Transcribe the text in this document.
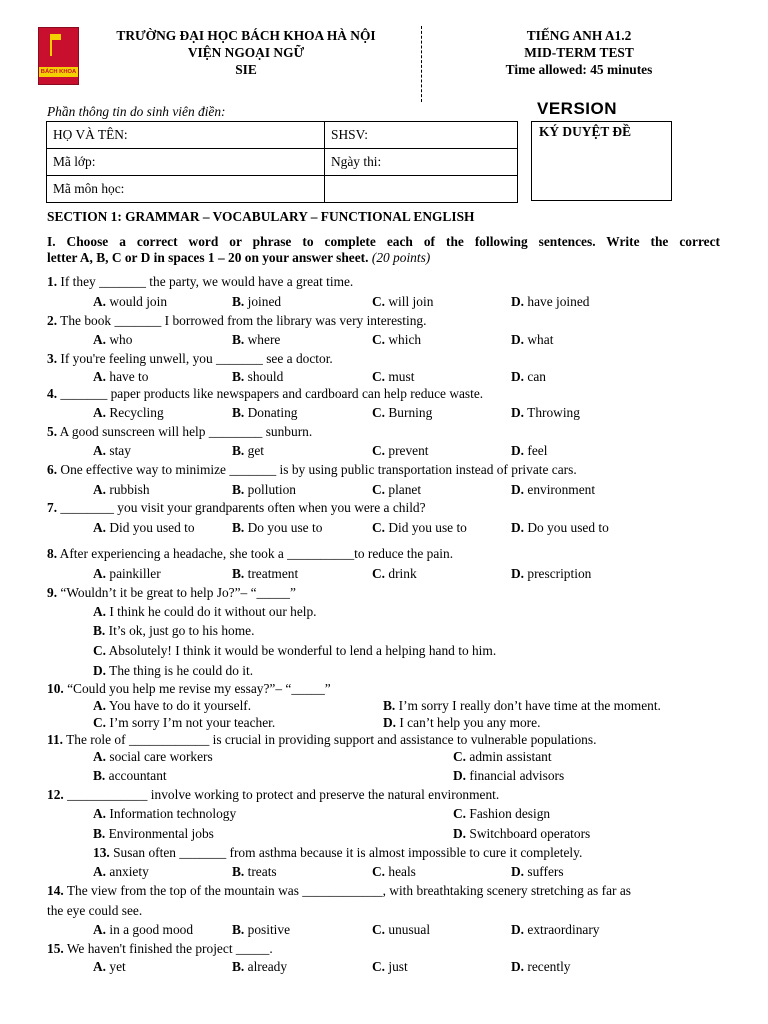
BÁCH KHOA
TRƯỜNG ĐẠI HỌC BÁCH KHOA HÀ NỘI
VIỆN NGOẠI NGỮ
SIE
TIẾNG ANH A1.2
MID-TERM TEST
Time allowed: 45 minutes
Phần thông tin do sinh viên điền:	VERSION
HỌ VÀ TÊN:	SHSV:
Mã lớp:	Ngày thi:
Mã môn học:	
KÝ DUYỆT ĐỀ
SECTION 1: GRAMMAR – VOCABULARY – FUNCTIONAL ENGLISH
I. Choose a correct word or phrase to complete each of the following sentences. Write the correct
letter A, B, C or D in spaces 1 – 20 on your answer sheet. (20 points)
1. If they _______ the party, we would have a great time.
A. would join	B. joined	C. will join	D. have joined
2. The book _______ I borrowed from the library was very interesting.
A. who	B. where	C. which	D. what
3. If you're feeling unwell, you _______ see a doctor.
A. have to	B. should	C. must	D. can
4. _______ paper products like newspapers and cardboard can help reduce waste.
A. Recycling	B. Donating	C. Burning	D. Throwing
5. A good sunscreen will help ________ sunburn.
A. stay	B. get	C. prevent	D. feel
6. One effective way to minimize _______ is by using public transportation instead of private cars.
A. rubbish	B. pollution	C. planet	D. environment
7. ________ you visit your grandparents often when you were a child?
A. Did you used to	B. Do you use to	C. Did you use to	D. Do you used to
8. After experiencing a headache, she took a __________to reduce the pain.
A. painkiller	B. treatment	C. drink	D. prescription
9. “Wouldn’t it be great to help Jo?”– “_____”
A. I think he could do it without our help.
B. It’s ok, just go to his home.
C. Absolutely! I think it would be wonderful to lend a helping hand to him.
D. The thing is he could do it.
10. “Could you help me revise my essay?”– “_____”
A. You have to do it yourself.	B. I’m sorry I really don’t have time at the moment.
C. I’m sorry I’m not your teacher.	D. I can’t help you any more.
11. The role of ____________ is crucial in providing support and assistance to vulnerable populations.
A. social care workers
B. accountant
C. admin assistant
D. financial advisors
12. ____________ involve working to protect and preserve the natural environment.
A. Information technology
B. Environmental jobs
C. Fashion design
D. Switchboard operators
13. Susan often _______ from asthma because it is almost impossible to cure it completely.
A. anxiety	B. treats	C. heals	D. suffers
14. The view from the top of the mountain was ____________, with breathtaking scenery stretching as far as
the eye could see.
A. in a good mood	B. positive	C. unusual	D. extraordinary
15. We haven't finished the project _____.
A. yet	B. already	C. just	D. recently
